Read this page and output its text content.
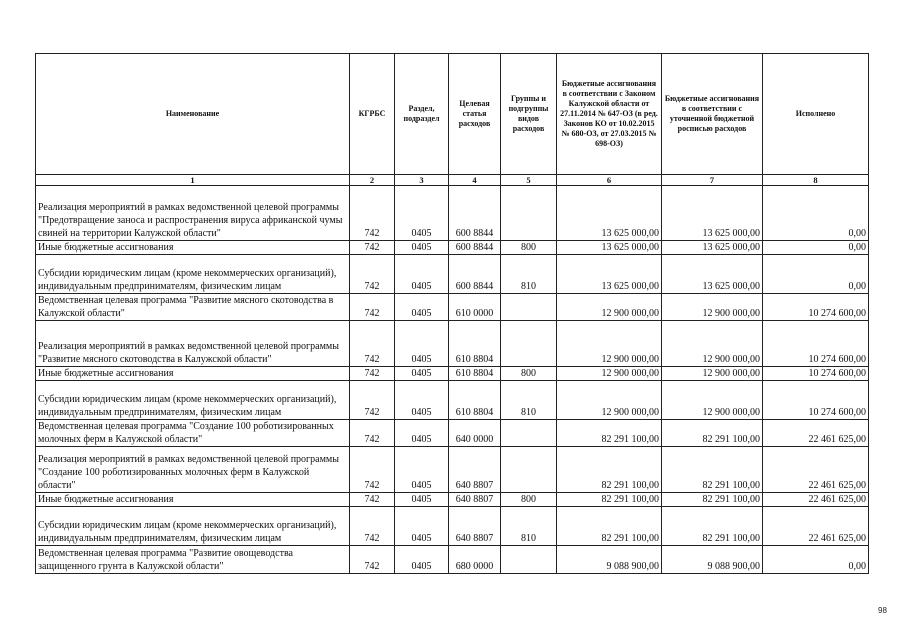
Наименование	КГРБС	Раздел, подраздел	Целевая статья расходов	Группы и подгруппы видов расходов	Бюджетные ассигнования в соответствии с Законом Калужской области от 27.11.2014 № 647-ОЗ (в ред. Законов КО от 10.02.2015 № 680-ОЗ, от 27.03.2015 № 698-ОЗ)	Бюджетные ассигнования в соответствии с уточненной бюджетной росписью расходов	Исполнено
1	2	3	4	5	6	7	8
Реализация мероприятий в рамках ведомственной целевой программы "Предотвращение заноса и распространения вируса африканской чумы свиней на территории Калужской области"	742	0405	600 8844		13 625 000,00	13 625 000,00	0,00
Иные бюджетные ассигнования	742	0405	600 8844	800	13 625 000,00	13 625 000,00	0,00
Субсидии юридическим лицам (кроме некоммерческих организаций), индивидуальным предпринимателям, физическим лицам	742	0405	600 8844	810	13 625 000,00	13 625 000,00	0,00
Ведомственная целевая программа "Развитие мясного скотоводства в Калужской области"	742	0405	610 0000		12 900 000,00	12 900 000,00	10 274 600,00
Реализация мероприятий в рамках ведомственной целевой программы "Развитие мясного скотоводства в Калужской области"	742	0405	610 8804		12 900 000,00	12 900 000,00	10 274 600,00
Иные бюджетные ассигнования	742	0405	610 8804	800	12 900 000,00	12 900 000,00	10 274 600,00
Субсидии юридическим лицам (кроме некоммерческих организаций), индивидуальным предпринимателям, физическим лицам	742	0405	610 8804	810	12 900 000,00	12 900 000,00	10 274 600,00
Ведомственная целевая программа "Создание 100 роботизированных молочных ферм в Калужской области"	742	0405	640 0000		82 291 100,00	82 291 100,00	22 461 625,00
Реализация мероприятий в рамках ведомственной целевой программы "Создание 100 роботизированных молочных ферм в Калужской области"	742	0405	640 8807		82 291 100,00	82 291 100,00	22 461 625,00
Иные бюджетные ассигнования	742	0405	640 8807	800	82 291 100,00	82 291 100,00	22 461 625,00
Субсидии юридическим лицам (кроме некоммерческих организаций), индивидуальным предпринимателям, физическим лицам	742	0405	640 8807	810	82 291 100,00	82 291 100,00	22 461 625,00
Ведомственная целевая программа "Развитие овощеводства защищенного грунта в Калужской области"	742	0405	680 0000		9 088 900,00	9 088 900,00	0,00
98
